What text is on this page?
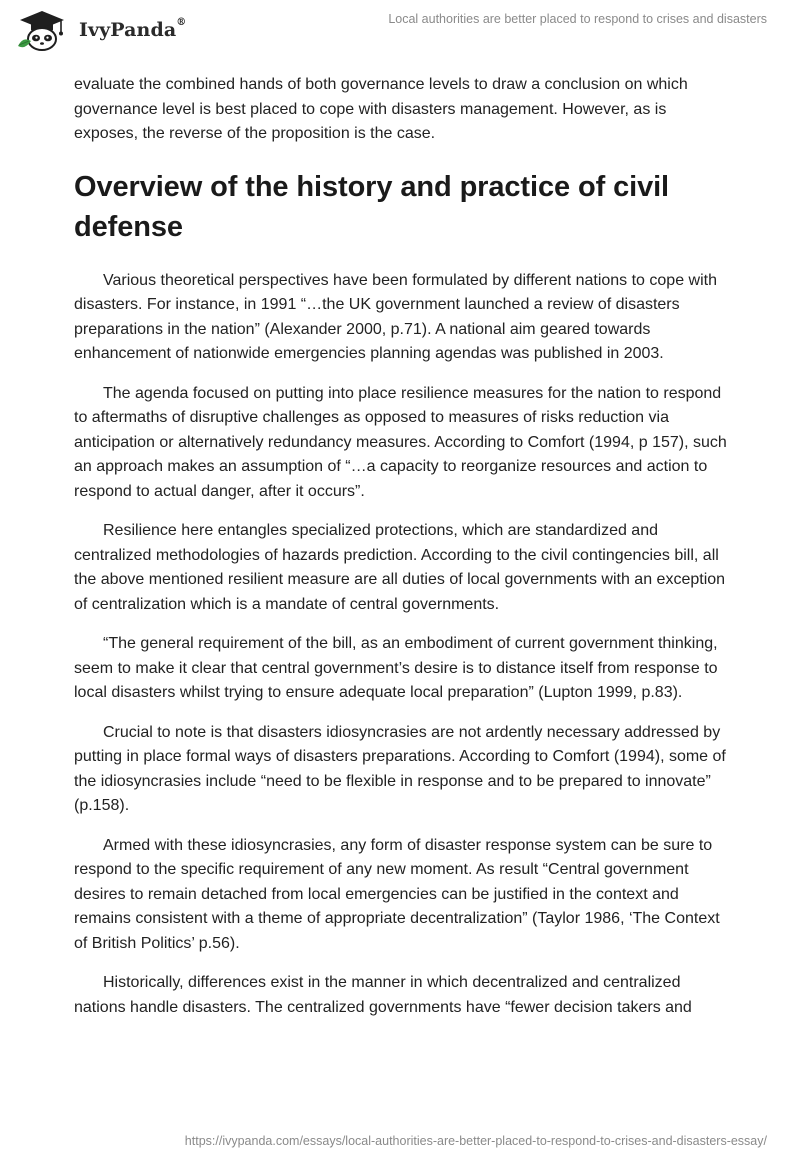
IvyPanda®	Local authorities are better placed to respond to crises and disasters

evaluate the combined hands of both governance levels to draw a conclusion on which governance level is best placed to cope with disasters management. However, as is exposes, the reverse of the proposition is the case.

Overview of the history and practice of civil defense

Various theoretical perspectives have been formulated by different nations to cope with disasters. For instance, in 1991 “…the UK government launched a review of disasters preparations in the nation” (Alexander 2000, p.71). A national aim geared towards enhancement of nationwide emergencies planning agendas was published in 2003.

The agenda focused on putting into place resilience measures for the nation to respond to aftermaths of disruptive challenges as opposed to measures of risks reduction via anticipation or alternatively redundancy measures. According to Comfort (1994, p 157), such an approach makes an assumption of “…a capacity to reorganize resources and action to respond to actual danger, after it occurs”.

Resilience here entangles specialized protections, which are standardized and centralized methodologies of hazards prediction. According to the civil contingencies bill, all the above mentioned resilient measure are all duties of local governments with an exception of centralization which is a mandate of central governments.

“The general requirement of the bill, as an embodiment of current government thinking, seem to make it clear that central government’s desire is to distance itself from response to local disasters whilst trying to ensure adequate local preparation” (Lupton 1999, p.83).

Crucial to note is that disasters idiosyncrasies are not ardently necessary addressed by putting in place formal ways of disasters preparations. According to Comfort (1994), some of the idiosyncrasies include “need to be flexible in response and to be prepared to innovate” (p.158).

Armed with these idiosyncrasies, any form of disaster response system can be sure to respond to the specific requirement of any new moment. As result “Central government desires to remain detached from local emergencies can be justified in the context and remains consistent with a theme of appropriate decentralization” (Taylor 1986, ‘The Context of British Politics’ p.56).

Historically, differences exist in the manner in which decentralized and centralized nations handle disasters. The centralized governments have “fewer decision takers and

https://ivypanda.com/essays/local-authorities-are-better-placed-to-respond-to-crises-and-disasters-essay/
